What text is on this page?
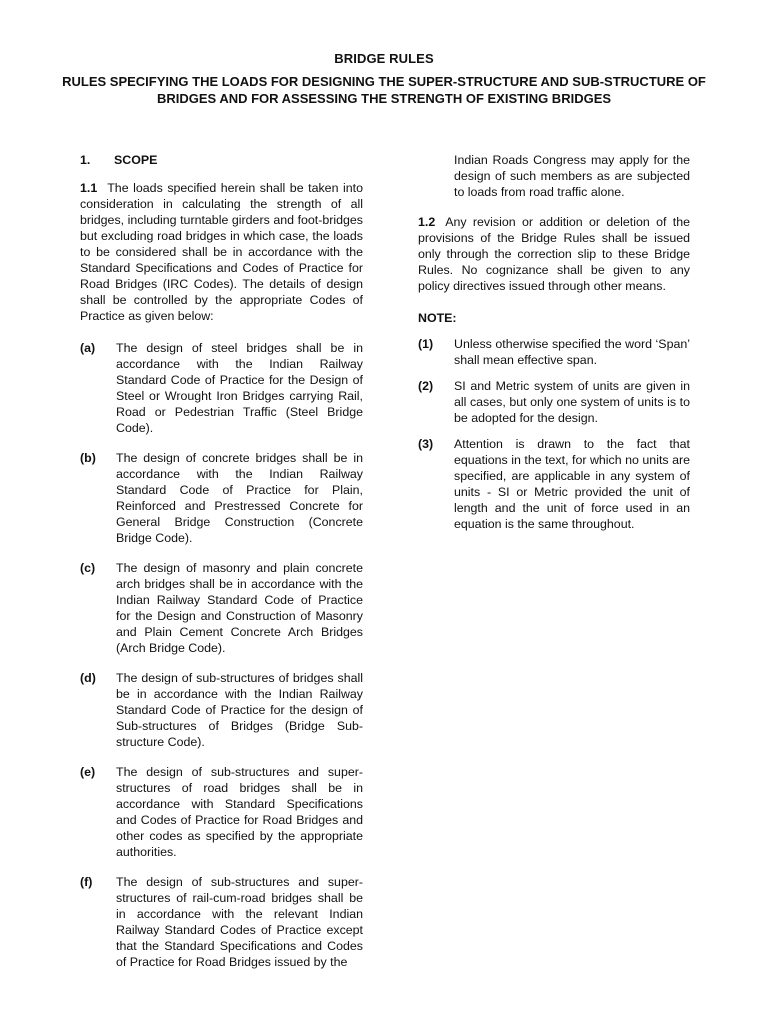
BRIDGE RULES
RULES SPECIFYING THE LOADS FOR DESIGNING THE SUPER-STRUCTURE AND SUB-STRUCTURE OF BRIDGES AND FOR ASSESSING THE STRENGTH OF EXISTING BRIDGES

1. SCOPE

1.1 The loads specified herein shall be taken into consideration in calculating the strength of all bridges, including turntable girders and foot-bridges but excluding road bridges in which case, the loads to be considered shall be in accordance with the Standard Specifications and Codes of Practice for Road Bridges (IRC Codes). The details of design shall be controlled by the appropriate Codes of Practice as given below:

(a)	The design of steel bridges shall be in accordance with the Indian Railway Standard Code of Practice for the Design of Steel or Wrought Iron Bridges carrying Rail, Road or Pedestrian Traffic (Steel Bridge Code).
(b)	The design of concrete bridges shall be in accordance with the Indian Railway Standard Code of Practice for Plain, Reinforced and Prestressed Concrete for General Bridge Construction (Concrete Bridge Code).
(c)	The design of masonry and plain concrete arch bridges shall be in accordance with the Indian Railway Standard Code of Practice for the Design and Construction of Masonry and Plain Cement Concrete Arch Bridges (Arch Bridge Code).
(d)	The design of sub-structures of bridges shall be in accordance with the Indian Railway Standard Code of Practice for the design of Sub-structures of Bridges (Bridge Sub-structure Code).
(e)	The design of sub-structures and super-structures of road bridges shall be in accordance with Standard Specifications and Codes of Practice for Road Bridges and other codes as specified by the appropriate authorities.
(f)	The design of sub-structures and super-structures of rail-cum-road bridges shall be in accordance with the relevant Indian Railway Standard Codes of Practice except that the Standard Specifications and Codes of Practice for Road Bridges issued by the

Indian Roads Congress may apply for the design of such members as are subjected to loads from road traffic alone.

1.2 Any revision or addition or deletion of the provisions of the Bridge Rules shall be issued only through the correction slip to these Bridge Rules. No cognizance shall be given to any policy directives issued through other means.

NOTE:

(1)	Unless otherwise specified the word ‘Span’ shall mean effective span.
(2)	SI and Metric system of units are given in all cases, but only one system of units is to be adopted for the design.
(3)	Attention is drawn to the fact that equations in the text, for which no units are specified, are applicable in any system of units - SI or Metric provided the unit of length and the unit of force used in an equation is the same throughout.
